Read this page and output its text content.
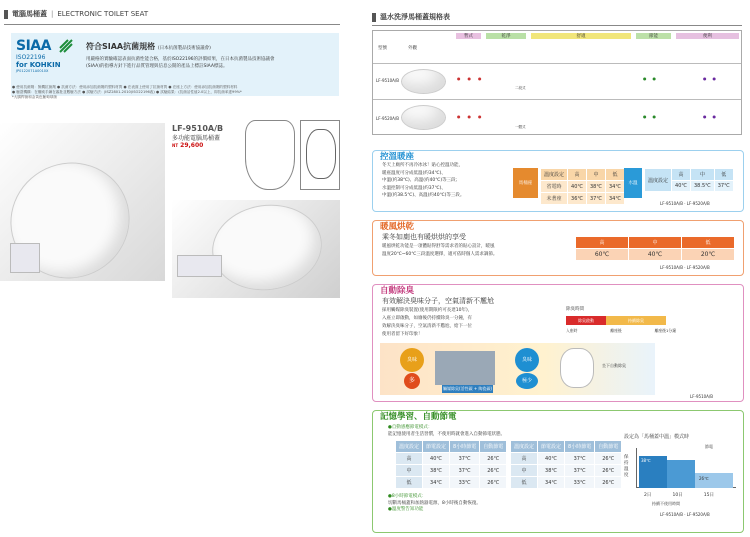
電腦馬桶蓋 | ELECTRONIC TOILET SEAT
SIAA
ISO22196
for KOHKIN
JP0122071A0010X
符合SIAA抗菌規格 (日本抗菌製品技術協議會)
用嚴格的實驗確認表面抗菌性能合格，基於ISO22196的評價結果，在日本抗菌製品技術協議會
(SIAA)的指導方針下進行品質管理與信息公開的產品上標註SIAA標誌。
● 使用抗菌劑：無機抗菌劑 ● 抗菌方法：使用添加抗菌劑的塑料材質 ● 在表面上使用了抗菌材質 ● 在座上方法：使用添加抗菌劑的塑料材料
● 驗證機構：在權威手續在審批並數驗方法 ● 試驗方法：JISZ2801-2010(ISO22196改) ● 試驗結果：(抗菌活性值2.0以上，即抗菌率達99%*
*大腸桿菌和金黃色葡萄球菌
LF-9510A/B
多功能電腦馬桶蓋
NT 29,600
溫水洗淨馬桶蓋規格表
暫式	乾淨	舒適	節能	便利
型號	外觀
LF-9510A/B	●●●	●●	●●
二段式
LF-9520A/B	●●●	●●	●●
一體式
控溫暖座
冬天上廁所不再冷冰冰！貼心控溫功能，
暖座溫度可分成低溫(約34℃)、
中溫(約38℃)、高溫(約40℃)等三段；
水溫控制可分成低溫(約37℃)、
中溫(約38.5℃)、高溫(約40℃)等三段。
馬桶座
溫度設定	高	中	低
省電時	40℃	38℃	34℃
未著座	36℃	37℃	34℃
水溫	溫度設定	高	中	低
	40℃	38.5℃	37℃
LF-9510A/B · LF-9520A/B
暖風烘乾
乘冬如廁也有暖烘烘的享受
暖風烘乾功能是一項體貼得舒等需求者的貼心設計，暖風
溫度20℃~60℃三段溫度選擇，適可依時個人需求調節。
高	中	低
60℃	40℃	20℃
LF-9510A/B · LF-9520A/B
自動除臭
有效解決臭味分子，空氣清新不尷尬
採用觸媒除臭裝置(使用期限約可長達10年)，
入座立即啟動，如廁後仍持續除臭一分鐘，有
效解決臭味分子，空氣清新不尷尬，給下一位
使用者留下好印象！
除臭時間
除臭啟動	持續除臭
入座時	離座後	離座後1分鐘
臭味
多
觸媒除臭(活性碳 + 陶瓷碳)
臭味
極少
坐下自動除臭
LF-9510A/B
記憶學習、自動節電
●自動感應節電模式：
能記憶使用者生活習慣，不使用時就會進入自動節電狀態。
溫度設定	節電設定	8小時節電	自動節電
高	40℃	37℃	26℃
中	38℃	37℃	26℃
低	34℃	33℃	26℃
溫度設定	節電設定	8小時節電	自動節電
高	40℃	37℃	26℃
中	38℃	37℃	26℃
低	34℃	33℃	26℃
●8小時節電模式：
切斷馬桶蓋和加熱器電源，8小時後自動恢復。
●溫度警告知功能
設定為「馬桶蓋中溫」模式時
節電
保持溫度
38℃
26℃
2日	10日	15日
持續不使用時間
LF-9510A/B · LF-9520A/B
